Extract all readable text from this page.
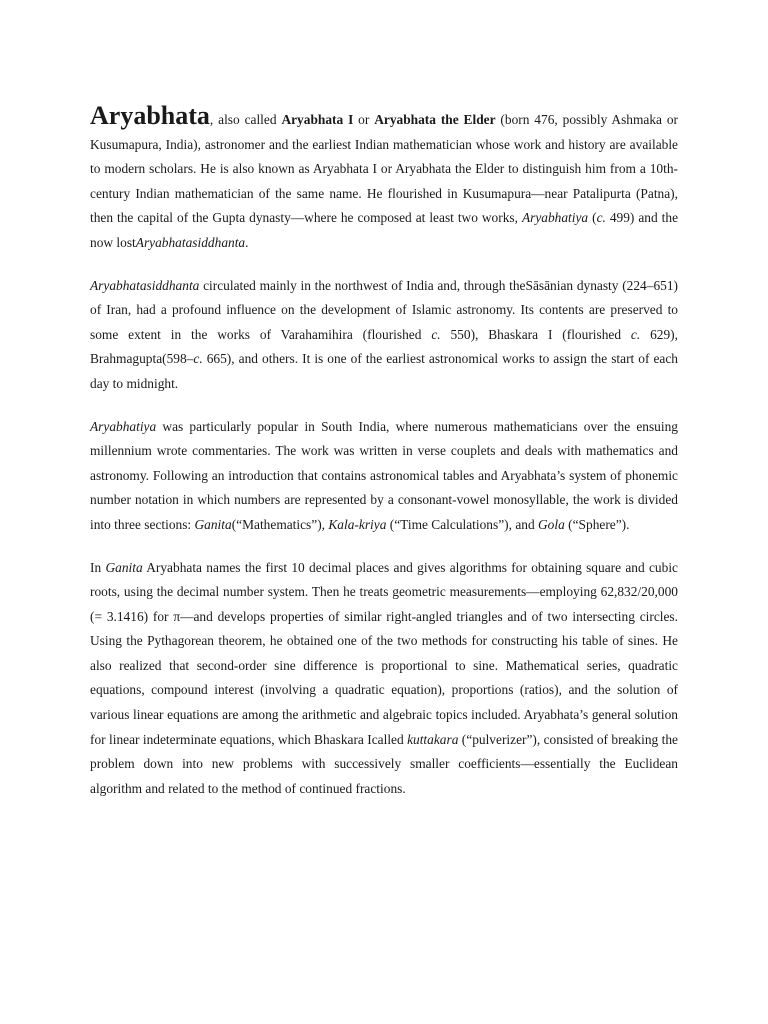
Aryabhata, also called Aryabhata I or Aryabhata the Elder (born 476, possibly Ashmaka or Kusumapura, India), astronomer and the earliest Indian mathematician whose work and history are available to modern scholars. He is also known as Aryabhata I or Aryabhata the Elder to distinguish him from a 10th-century Indian mathematician of the same name. He flourished in Kusumapura—near Patalipurta (Patna), then the capital of the Gupta dynasty—where he composed at least two works, Aryabhatiya (c. 499) and the now lostAryabhatasiddhanta.

Aryabhatasiddhanta circulated mainly in the northwest of India and, through theSāsānian dynasty (224–651) of Iran, had a profound influence on the development of Islamic astronomy. Its contents are preserved to some extent in the works of Varahamihira (flourished c. 550), Bhaskara I (flourished c. 629), Brahmagupta(598–c. 665), and others. It is one of the earliest astronomical works to assign the start of each day to midnight.

Aryabhatiya was particularly popular in South India, where numerous mathematicians over the ensuing millennium wrote commentaries. The work was written in verse couplets and deals with mathematics and astronomy. Following an introduction that contains astronomical tables and Aryabhata’s system of phonemic number notation in which numbers are represented by a consonant-vowel monosyllable, the work is divided into three sections: Ganita(“Mathematics”), Kala-kriya (“Time Calculations”), and Gola (“Sphere”).

In Ganita Aryabhata names the first 10 decimal places and gives algorithms for obtaining square and cubic roots, using the decimal number system. Then he treats geometric measurements—employing 62,832/20,000 (= 3.1416) for π—and develops properties of similar right-angled triangles and of two intersecting circles. Using the Pythagorean theorem, he obtained one of the two methods for constructing his table of sines. He also realized that second-order sine difference is proportional to sine. Mathematical series, quadratic equations, compound interest (involving a quadratic equation), proportions (ratios), and the solution of various linear equations are among the arithmetic and algebraic topics included. Aryabhata’s general solution for linear indeterminate equations, which Bhaskara Icalled kuttakara (“pulverizer”), consisted of breaking the problem down into new problems with successively smaller coefficients—essentially the Euclidean algorithm and related to the method of continued fractions.
